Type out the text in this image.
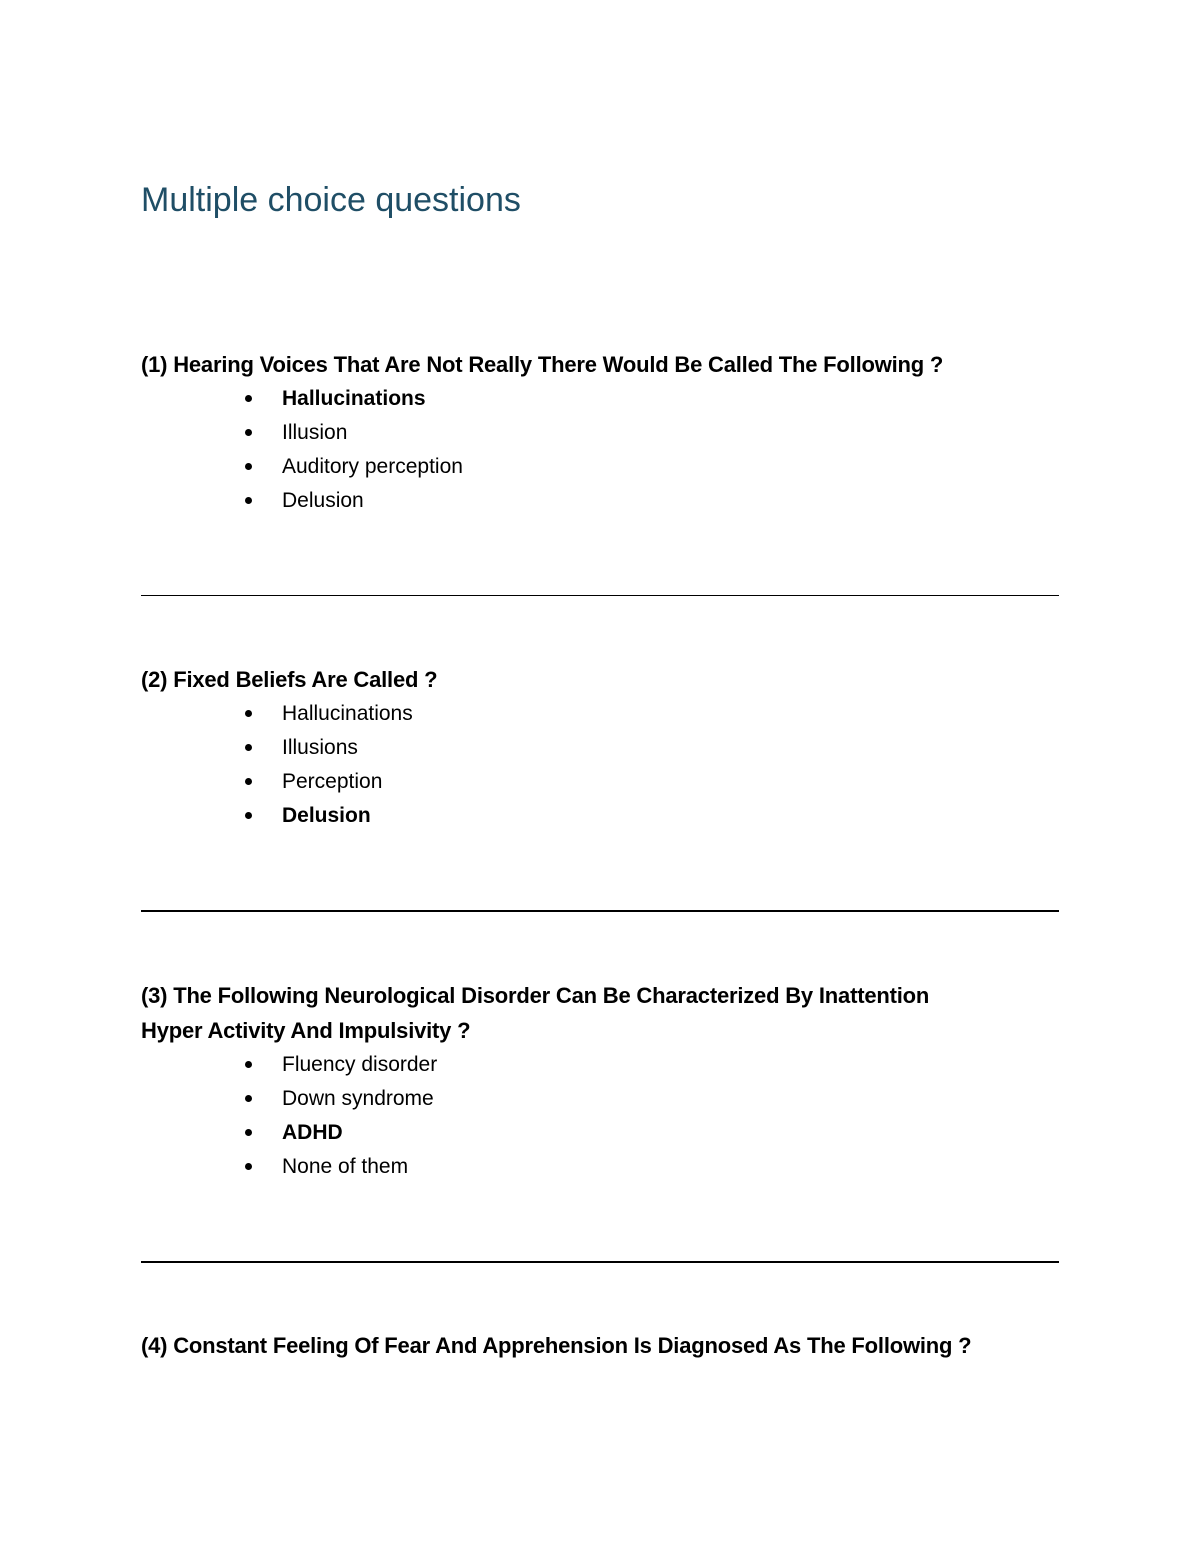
Multiple choice questions

(1) Hearing Voices That Are Not Really There Would Be Called The Following ?

Hallucinations
Illusion
Auditory perception
Delusion

(2) Fixed Beliefs Are Called ?

Hallucinations
Illusions
Perception
Delusion

(3) The Following Neurological Disorder Can Be Characterized By Inattention Hyper Activity And Impulsivity ?

Fluency disorder
Down syndrome
ADHD
None of them

(4) Constant Feeling Of Fear And Apprehension Is Diagnosed As The Following ?
